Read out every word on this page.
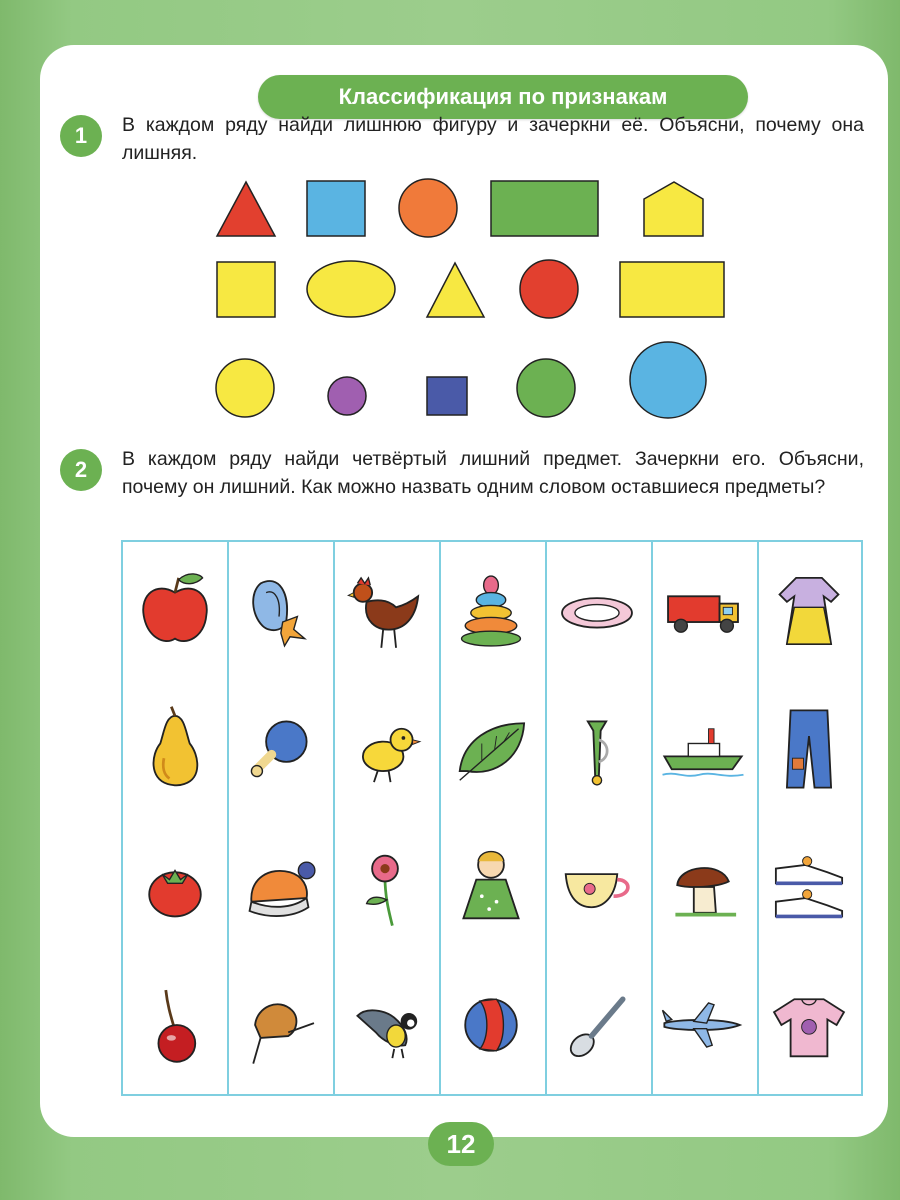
Классификация по признакам
1	В каждом ряду найди лишнюю фигуру и зачеркни её. Объясни, почему она лишняя.
2	В каждом ряду найди четвёртый лишний предмет. Зачеркни его. Объясни, почему он лишний. Как можно назвать одним словом оставшиеся предметы?
12
